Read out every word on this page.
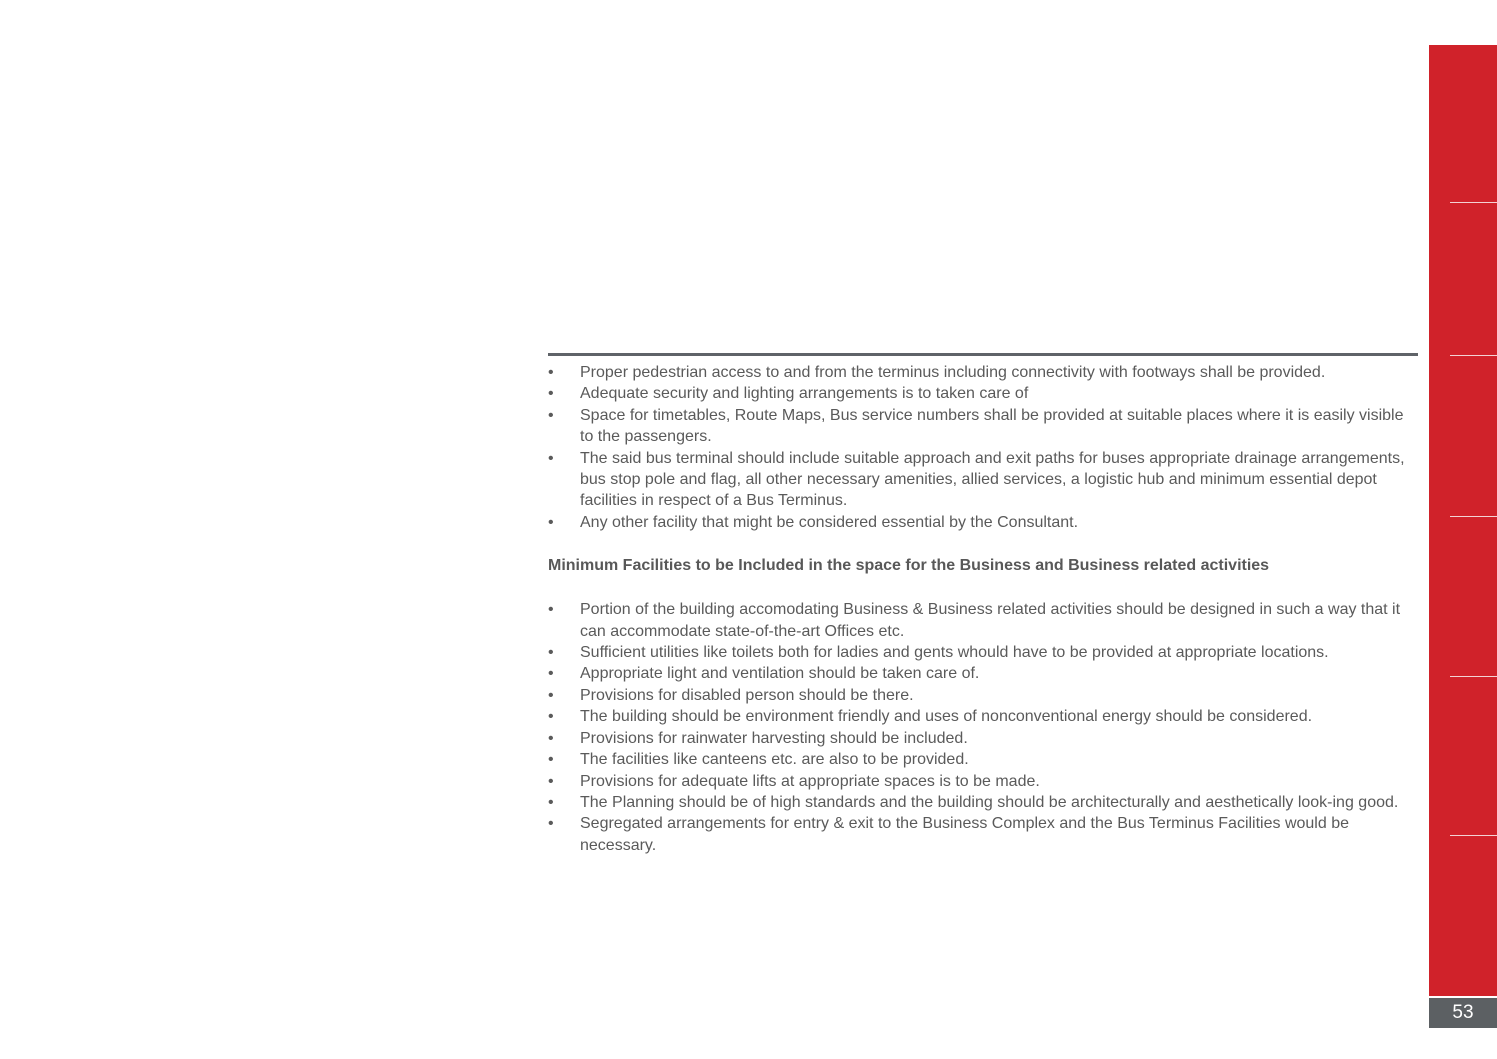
• Proper pedestrian access to and from the terminus including connectivity with footways shall be provided.
• Adequate security and lighting arrangements is to taken care of
• Space for timetables, Route Maps, Bus service numbers shall be provided at suitable places where it is easily visible to the passengers.
• The said bus terminal should include suitable approach and exit paths for buses appropriate drainage arrangements, bus stop pole and flag, all other necessary amenities, allied services, a logistic hub and minimum essential depot facilities in respect of a Bus Terminus.
• Any other facility that might be considered essential by the Consultant.
Minimum Facilities to be Included in the space for the Business and Business related activities
• Portion of the building accomodating Business & Business related activities should be designed in such a way that it can accommodate state-of-the-art Offices etc.
• Sufficient utilities like toilets both for ladies and gents whould have to be provided at appropriate locations.
• Appropriate light and ventilation should be taken care of.
• Provisions for disabled person should be there.
• The building should be environment friendly and uses of nonconventional energy should be considered.
• Provisions for rainwater harvesting should be included.
• The facilities like canteens etc. are also to be provided.
• Provisions for adequate lifts at appropriate spaces is to be made.
• The Planning should be of high standards and the building should be architecturally and aesthetically look-ing good.
• Segregated arrangements for entry & exit to the Business Complex and the Bus Terminus Facilities would be necessary.
53
